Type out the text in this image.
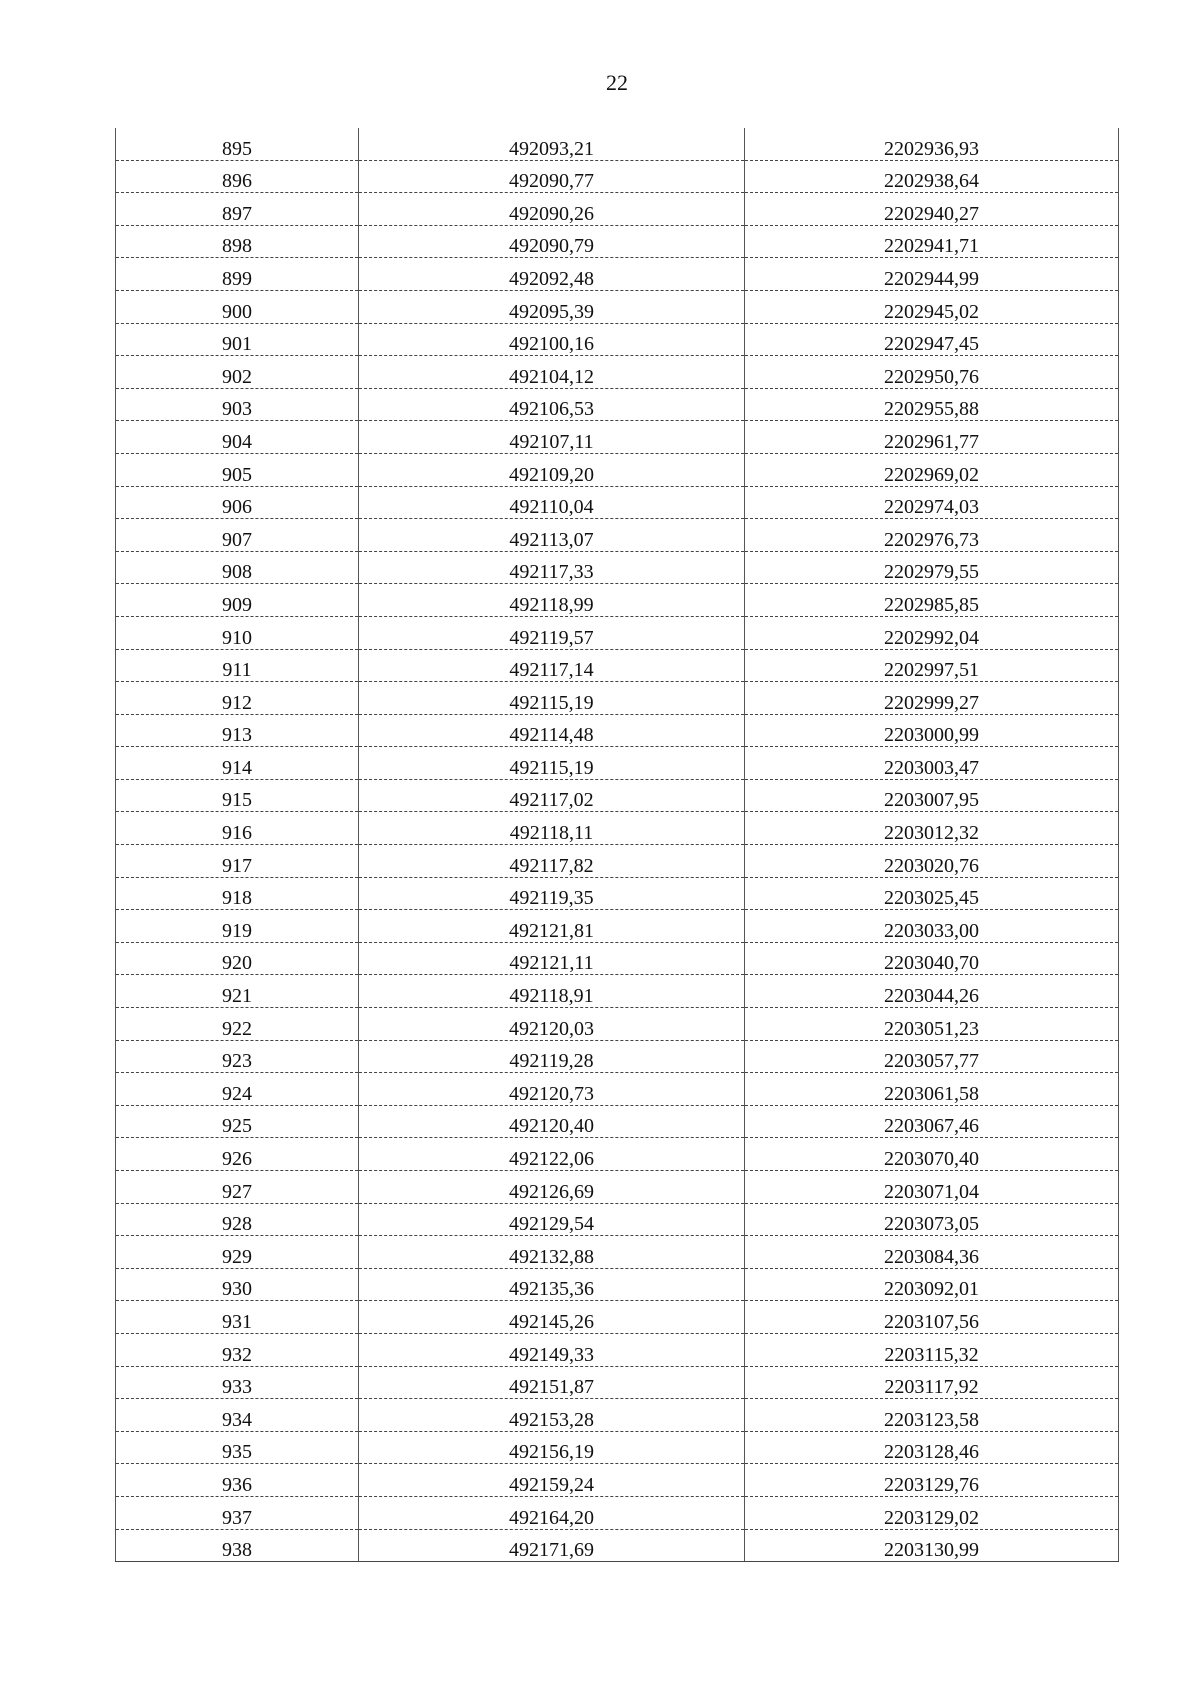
22
895	492093,21	2202936,93
896	492090,77	2202938,64
897	492090,26	2202940,27
898	492090,79	2202941,71
899	492092,48	2202944,99
900	492095,39	2202945,02
901	492100,16	2202947,45
902	492104,12	2202950,76
903	492106,53	2202955,88
904	492107,11	2202961,77
905	492109,20	2202969,02
906	492110,04	2202974,03
907	492113,07	2202976,73
908	492117,33	2202979,55
909	492118,99	2202985,85
910	492119,57	2202992,04
911	492117,14	2202997,51
912	492115,19	2202999,27
913	492114,48	2203000,99
914	492115,19	2203003,47
915	492117,02	2203007,95
916	492118,11	2203012,32
917	492117,82	2203020,76
918	492119,35	2203025,45
919	492121,81	2203033,00
920	492121,11	2203040,70
921	492118,91	2203044,26
922	492120,03	2203051,23
923	492119,28	2203057,77
924	492120,73	2203061,58
925	492120,40	2203067,46
926	492122,06	2203070,40
927	492126,69	2203071,04
928	492129,54	2203073,05
929	492132,88	2203084,36
930	492135,36	2203092,01
931	492145,26	2203107,56
932	492149,33	2203115,32
933	492151,87	2203117,92
934	492153,28	2203123,58
935	492156,19	2203128,46
936	492159,24	2203129,76
937	492164,20	2203129,02
938	492171,69	2203130,99
